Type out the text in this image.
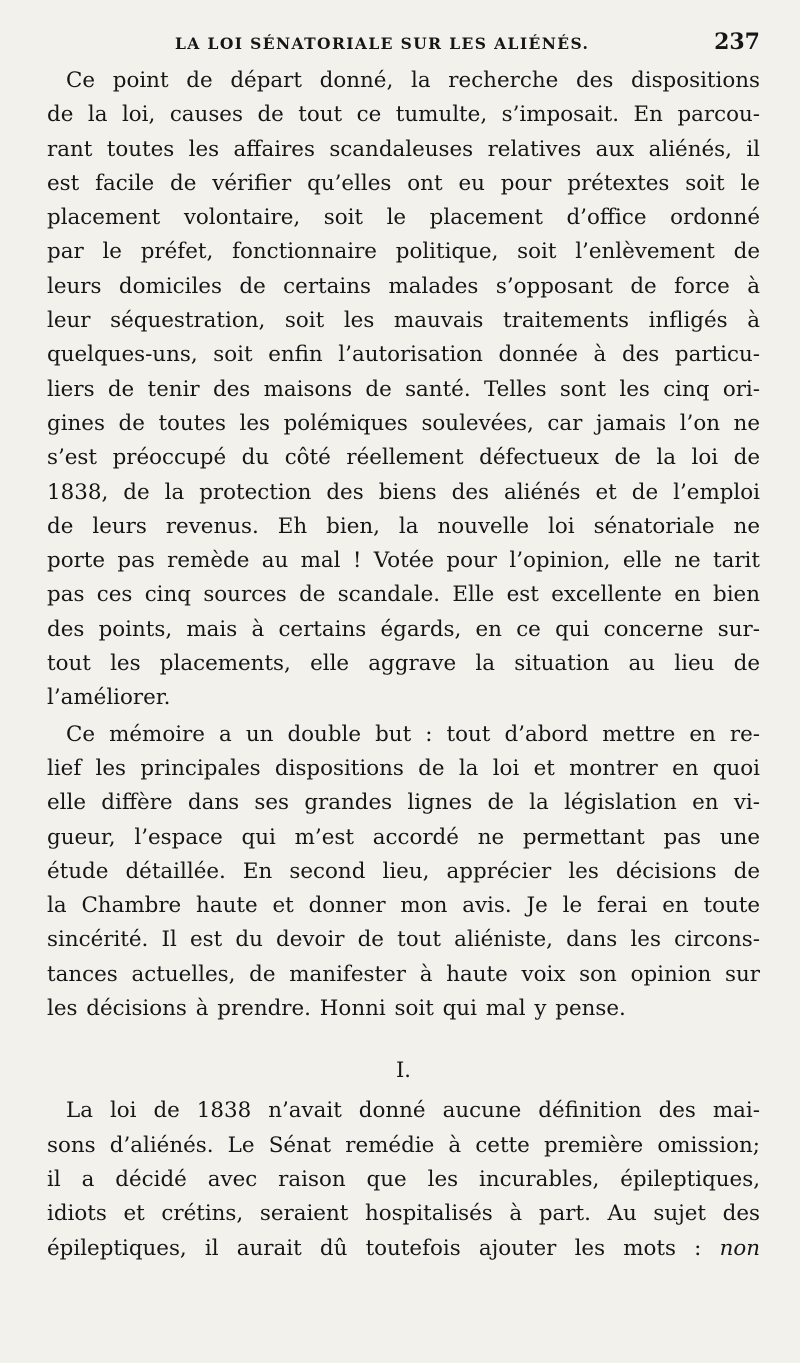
LA LOI SÉNATORIALE SUR LES ALIÉNÉS.	237

Ce point de départ donné, la recherche des dispositions
de la loi, causes de tout ce tumulte, s’imposait. En parcou-
rant toutes les affaires scandaleuses relatives aux aliénés, il
est facile de vérifier qu’elles ont eu pour prétextes soit le
placement volontaire, soit le placement d’office ordonné
par le préfet, fonctionnaire politique, soit l’enlèvement de
leurs domiciles de certains malades s’opposant de force à
leur séquestration, soit les mauvais traitements infligés à
quelques-uns, soit enfin l’autorisation donnée à des particu-
liers de tenir des maisons de santé. Telles sont les cinq ori-
gines de toutes les polémiques soulevées, car jamais l’on ne
s’est préoccupé du côté réellement défectueux de la loi de
1838, de la protection des biens des aliénés et de l’emploi
de leurs revenus. Eh bien, la nouvelle loi sénatoriale ne
porte pas remède au mal ! Votée pour l’opinion, elle ne tarit
pas ces cinq sources de scandale. Elle est excellente en bien
des points, mais à certains égards, en ce qui concerne sur-
tout les placements, elle aggrave la situation au lieu de
l’améliorer.

Ce mémoire a un double but : tout d’abord mettre en re-
lief les principales dispositions de la loi et montrer en quoi
elle diffère dans ses grandes lignes de la législation en vi-
gueur, l’espace qui m’est accordé ne permettant pas une
étude détaillée. En second lieu, apprécier les décisions de
la Chambre haute et donner mon avis. Je le ferai en toute
sincérité. Il est du devoir de tout aliéniste, dans les circons-
tances actuelles, de manifester à haute voix son opinion sur
les décisions à prendre. Honni soit qui mal y pense.

I.

La loi de 1838 n’avait donné aucune définition des mai-
sons d’aliénés. Le Sénat remédie à cette première omission;
il a décidé avec raison que les incurables, épileptiques,
idiots et crétins, seraient hospitalisés à part. Au sujet des
épileptiques, il aurait dû toutefois ajouter les mots : non
